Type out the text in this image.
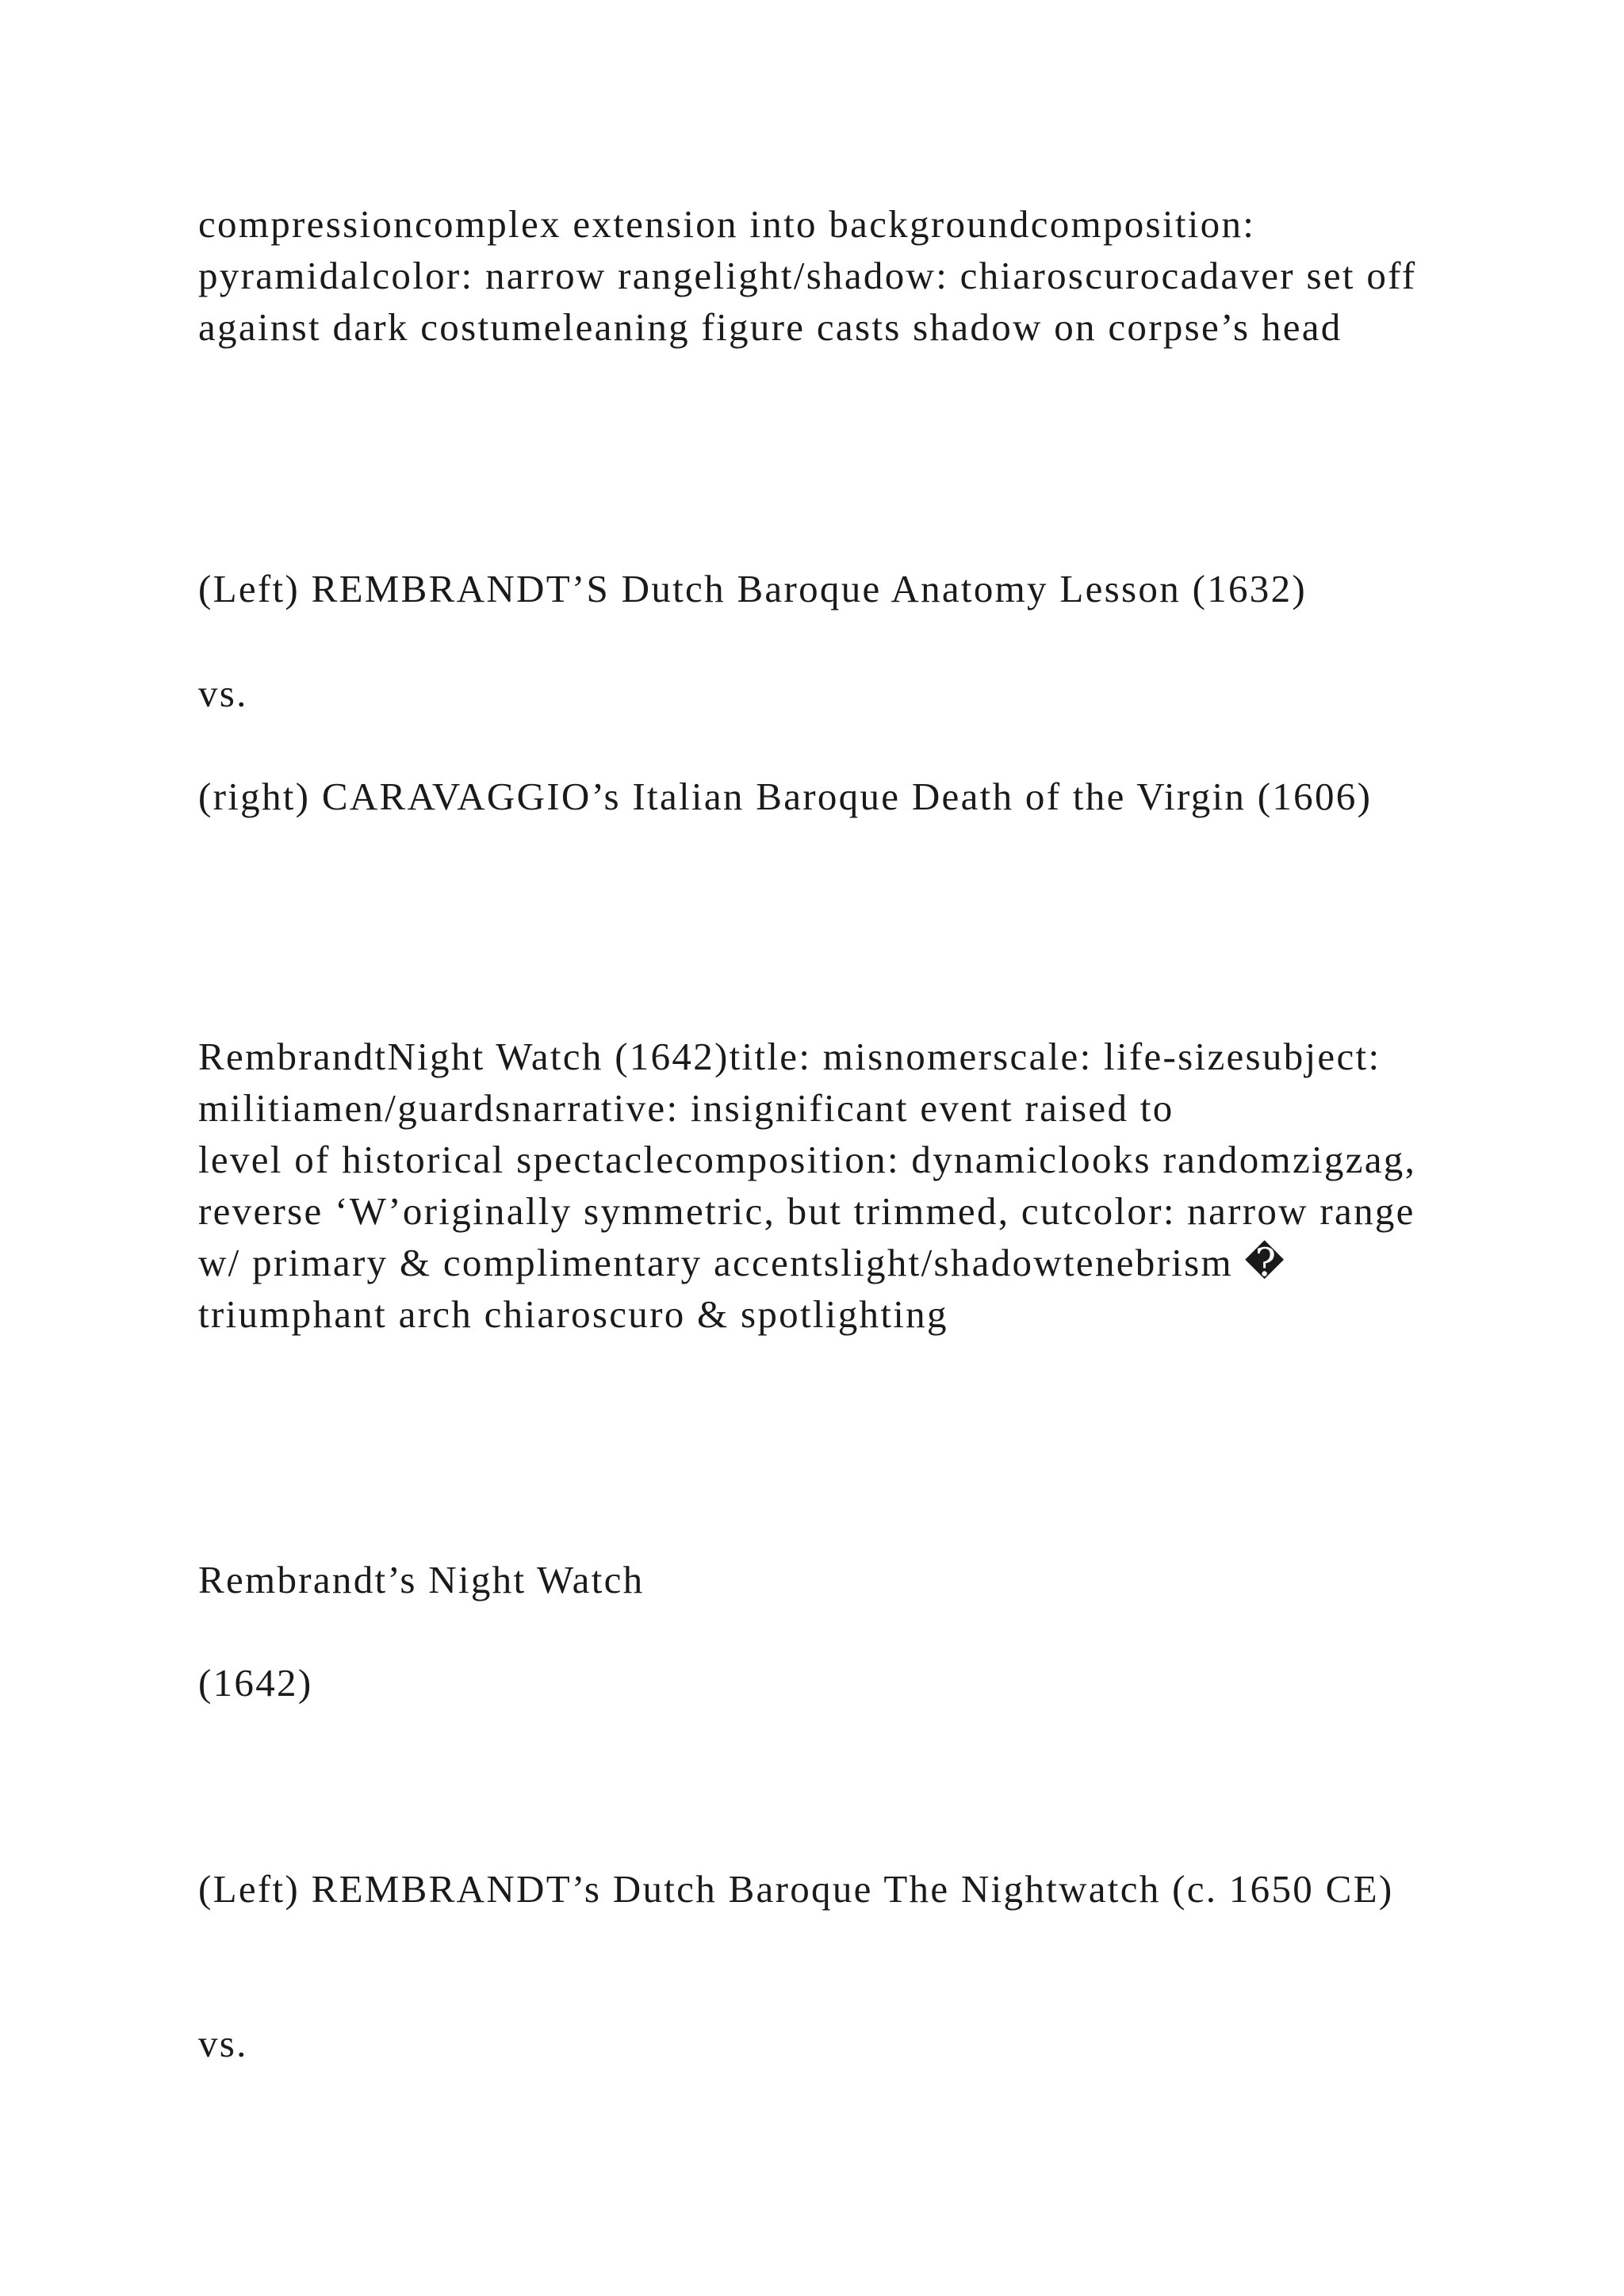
compressioncomplex extension into backgroundcomposition: pyramidalcolor: narrow rangelight/shadow: chiaroscurocadaver set off against dark costumeleaning figure casts shadow on corpse’s head

(Left) REMBRANDT’S Dutch Baroque Anatomy Lesson (1632)

vs.

(right) CARAVAGGIO’s Italian Baroque Death of the Virgin (1606)

RembrandtNight Watch (1642)title: misnomerscale: life-sizesubject: militiamen/guardsnarrative: insignificant event raised to                     level of historical spectaclecomposition: dynamiclooks randomzigzag, reverse ‘W’originally symmetric, but trimmed, cutcolor: narrow range w/ primary & complimentary accentslight/shadowtenebrism � triumphant arch chiaroscuro & spotlighting

Rembrandt’s Night Watch

(1642)

(Left) REMBRANDT’s Dutch Baroque The Nightwatch (c. 1650 CE)

vs.
